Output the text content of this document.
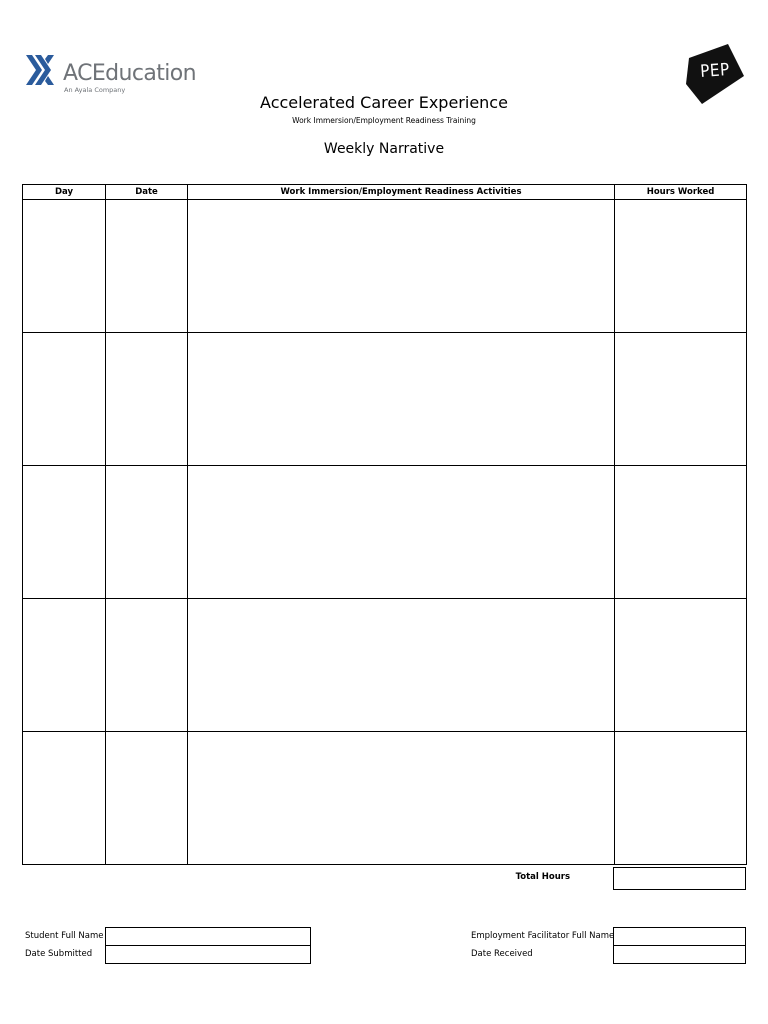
ACEducation
An Ayala Company
PEP
Accelerated Career Experience
Work Immersion/Employment Readiness Training
Weekly Narrative
Day	Date	Work Immersion/Employment Readiness Activities	Hours Worked

Total Hours
Student Full Name
Date Submitted
Employment Facilitator Full Name
Date Received
